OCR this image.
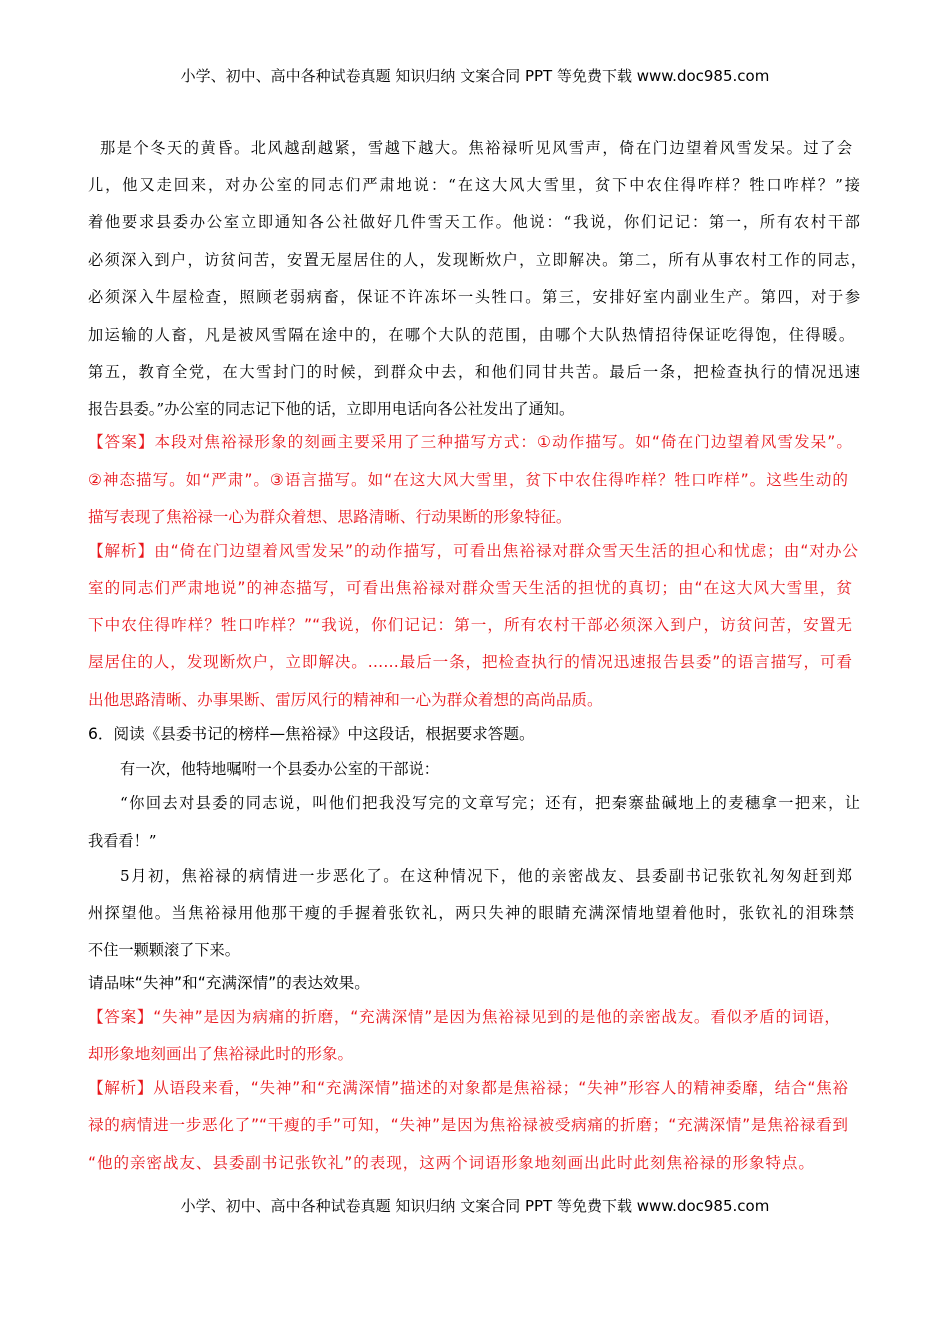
小学、初中、高中各种试卷真题 知识归纳 文案合同 PPT 等免费下载 www.doc985.com
那是个冬天的黄昏。北风越刮越紧，雪越下越大。焦裕禄听见风雪声，倚在门边望着风雪发呆。过了会
儿，他又走回来，对办公室的同志们严肃地说：“在这大风大雪里，贫下中农住得咋样？牲口咋样？”接
着他要求县委办公室立即通知各公社做好几件雪天工作。他说：“我说，你们记记：第一，所有农村干部
必须深入到户，访贫问苦，安置无屋居住的人，发现断炊户，立即解决。第二，所有从事农村工作的同志，
必须深入牛屋检查，照顾老弱病畜，保证不许冻坏一头牲口。第三，安排好室内副业生产。第四，对于参
加运输的人畜，凡是被风雪隔在途中的，在哪个大队的范围，由哪个大队热情招待保证吃得饱，住得暖。
第五，教育全党，在大雪封门的时候，到群众中去，和他们同甘共苦。最后一条，把检查执行的情况迅速
报告县委。”办公室的同志记下他的话，立即用电话向各公社发出了通知。
【答案】本段对焦裕禄形象的刻画主要采用了三种描写方式：①动作描写。如“倚在门边望着风雪发呆”。
②神态描写。如“严肃”。③语言描写。如“在这大风大雪里，贫下中农住得咋样？牲口咋样”。这些生动的
描写表现了焦裕禄一心为群众着想、思路清晰、行动果断的形象特征。
【解析】由“倚在门边望着风雪发呆”的动作描写，可看出焦裕禄对群众雪天生活的担心和忧虑；由“对办公
室的同志们严肃地说”的神态描写，可看出焦裕禄对群众雪天生活的担忧的真切；由“在这大风大雪里，贫
下中农住得咋样？牲口咋样？”“我说，你们记记：第一，所有农村干部必须深入到户，访贫问苦，安置无
屋居住的人，发现断炊户，立即解决。……最后一条，把检查执行的情况迅速报告县委”的语言描写，可看
出他思路清晰、办事果断、雷厉风行的精神和一心为群众着想的高尚品质。
6．阅读《县委书记的榜样—焦裕禄》中这段话，根据要求答题。
有一次，他特地嘱咐一个县委办公室的干部说：
“你回去对县委的同志说，叫他们把我没写完的文章写完；还有，把秦寨盐碱地上的麦穗拿一把来，让
我看看！”
5月初，焦裕禄的病情进一步恶化了。在这种情况下，他的亲密战友、县委副书记张钦礼匆匆赶到郑
州探望他。当焦裕禄用他那干瘦的手握着张钦礼，两只失神的眼睛充满深情地望着他时，张钦礼的泪珠禁
不住一颗颗滚了下来。
请品味“失神”和“充满深情”的表达效果。
【答案】“失神”是因为病痛的折磨，“充满深情”是因为焦裕禄见到的是他的亲密战友。看似矛盾的词语，
却形象地刻画出了焦裕禄此时的形象。
【解析】从语段来看，“失神”和“充满深情”描述的对象都是焦裕禄；“失神”形容人的精神委靡，结合“焦裕
禄的病情进一步恶化了”“干瘦的手”可知，“失神”是因为焦裕禄被受病痛的折磨；“充满深情”是焦裕禄看到
“他的亲密战友、县委副书记张钦礼”的表现，这两个词语形象地刻画出此时此刻焦裕禄的形象特点。
小学、初中、高中各种试卷真题 知识归纳 文案合同 PPT 等免费下载 www.doc985.com
